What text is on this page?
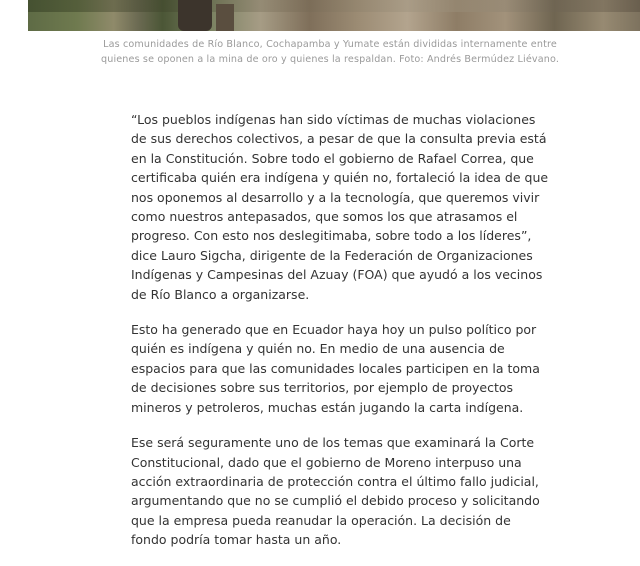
Las comunidades de Río Blanco, Cochapamba y Yumate están divididas internamente entre
quienes se oponen a la mina de oro y quienes la respaldan. Foto: Andrés Bermúdez Liévano.

“Los pueblos indígenas han sido víctimas de muchas violaciones de sus derechos colectivos, a pesar de que la consulta previa está en la Constitución. Sobre todo el gobierno de Rafael Correa, que certificaba quién era indígena y quién no, fortaleció la idea de que nos oponemos al desarrollo y a la tecnología, que queremos vivir como nuestros antepasados, que somos los que atrasamos el progreso. Con esto nos deslegitimaba, sobre todo a los líderes”, dice Lauro Sigcha, dirigente de la Federación de Organizaciones Indígenas y Campesinas del Azuay (FOA) que ayudó a los vecinos de Río Blanco a organizarse.

Esto ha generado que en Ecuador haya hoy un pulso político por quién es indígena y quién no. En medio de una ausencia de espacios para que las comunidades locales participen en la toma de decisiones sobre sus territorios, por ejemplo de proyectos mineros y petroleros, muchas están jugando la carta indígena.

Ese será seguramente uno de los temas que examinará la Corte Constitucional, dado que el gobierno de Moreno interpuso una acción extraordinaria de protección contra el último fallo judicial, argumentando que no se cumplió el debido proceso y solicitando que la empresa pueda reanudar la operación. La decisión de fondo podría tomar hasta un año.
